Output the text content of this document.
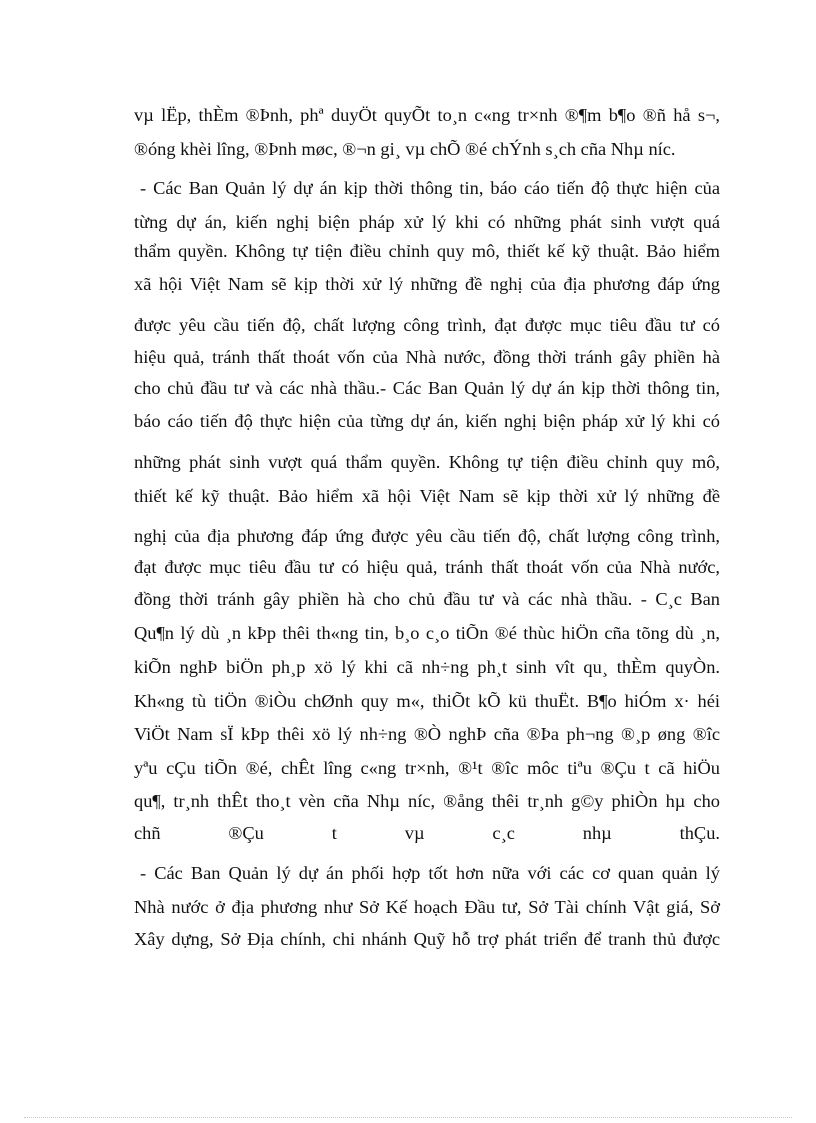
vµ lËp, thÈm ®Þnh, phª duyÖt quyÕt to¸n c«ng tr×nh ®¶m b¶o ®ñ hå s¬,
®óng khèi lîng, ®Þnh møc, ®¬n gi¸ vµ chÕ ®é chÝnh s¸ch cña Nhµ níc.
- Các Ban Quản lý dự án kịp thời thông tin, báo cáo tiến độ thực hiện của
từng dự án, kiến nghị biện pháp xử lý khi có những phát sinh vượt quá
thẩm quyền. Không tự tiện điều chỉnh quy mô, thiết kế kỹ thuật. Bảo hiểm
xã hội Việt Nam sẽ kịp thời xử lý những đề nghị của địa phương đáp ứng
được yêu cầu tiến độ, chất lượng công trình, đạt được mục tiêu đầu tư có
hiệu quả, tránh thất thoát vốn của Nhà nước, đồng thời tránh gây phiền hà
cho chủ đầu tư và các nhà thầu.- Các Ban Quản lý dự án kịp thời thông tin,
báo cáo tiến độ thực hiện của từng dự án, kiến nghị biện pháp xử lý khi có
những phát sinh vượt quá thẩm quyền. Không tự tiện điều chỉnh quy mô,
thiết kế kỹ thuật. Bảo hiểm xã hội Việt Nam sẽ kịp thời xử lý những đề
nghị của địa phương đáp ứng được yêu cầu tiến độ, chất lượng công trình,
đạt được mục tiêu đầu tư có hiệu quả, tránh thất thoát vốn của Nhà nước,
đồng thời tránh gây phiền hà cho chủ đầu tư và các nhà thầu. - C¸c Ban
Qu¶n lý dù ¸n kÞp thêi th«ng tin, b¸o c¸o tiÕn ®é thùc hiÖn cña tõng dù ¸n,
kiÕn nghÞ biÖn ph¸p xö lý khi cã nh÷ng ph¸t sinh vît qu¸ thÈm quyÒn.
Kh«ng tù tiÖn ®iÒu chØnh quy m«, thiÕt kÕ kü thuËt. B¶o hiÓm x· héi
ViÖt Nam sÏ kÞp thêi xö lý nh÷ng ®Ò nghÞ cña ®Þa ph¬ng ®¸p øng ®îc
yªu cÇu tiÕn ®é, chÊt lîng c«ng tr×nh, ®¹t ®îc môc tiªu ®Çu t cã hiÖu
qu¶, tr¸nh thÊt tho¸t vèn cña Nhµ níc, ®ång thêi tr¸nh g©y phiÒn hµ cho
chñ ®Çu t vµ c¸c nhµ thÇu.
- Các Ban Quản lý dự án phối hợp tốt hơn nữa với các cơ quan quản lý
Nhà nước ở địa phương như Sở Kế hoạch Đầu tư, Sở Tài chính Vật giá, Sở
Xây dựng, Sở Địa chính, chi nhánh Quỹ hỗ trợ phát triển để tranh thủ được
